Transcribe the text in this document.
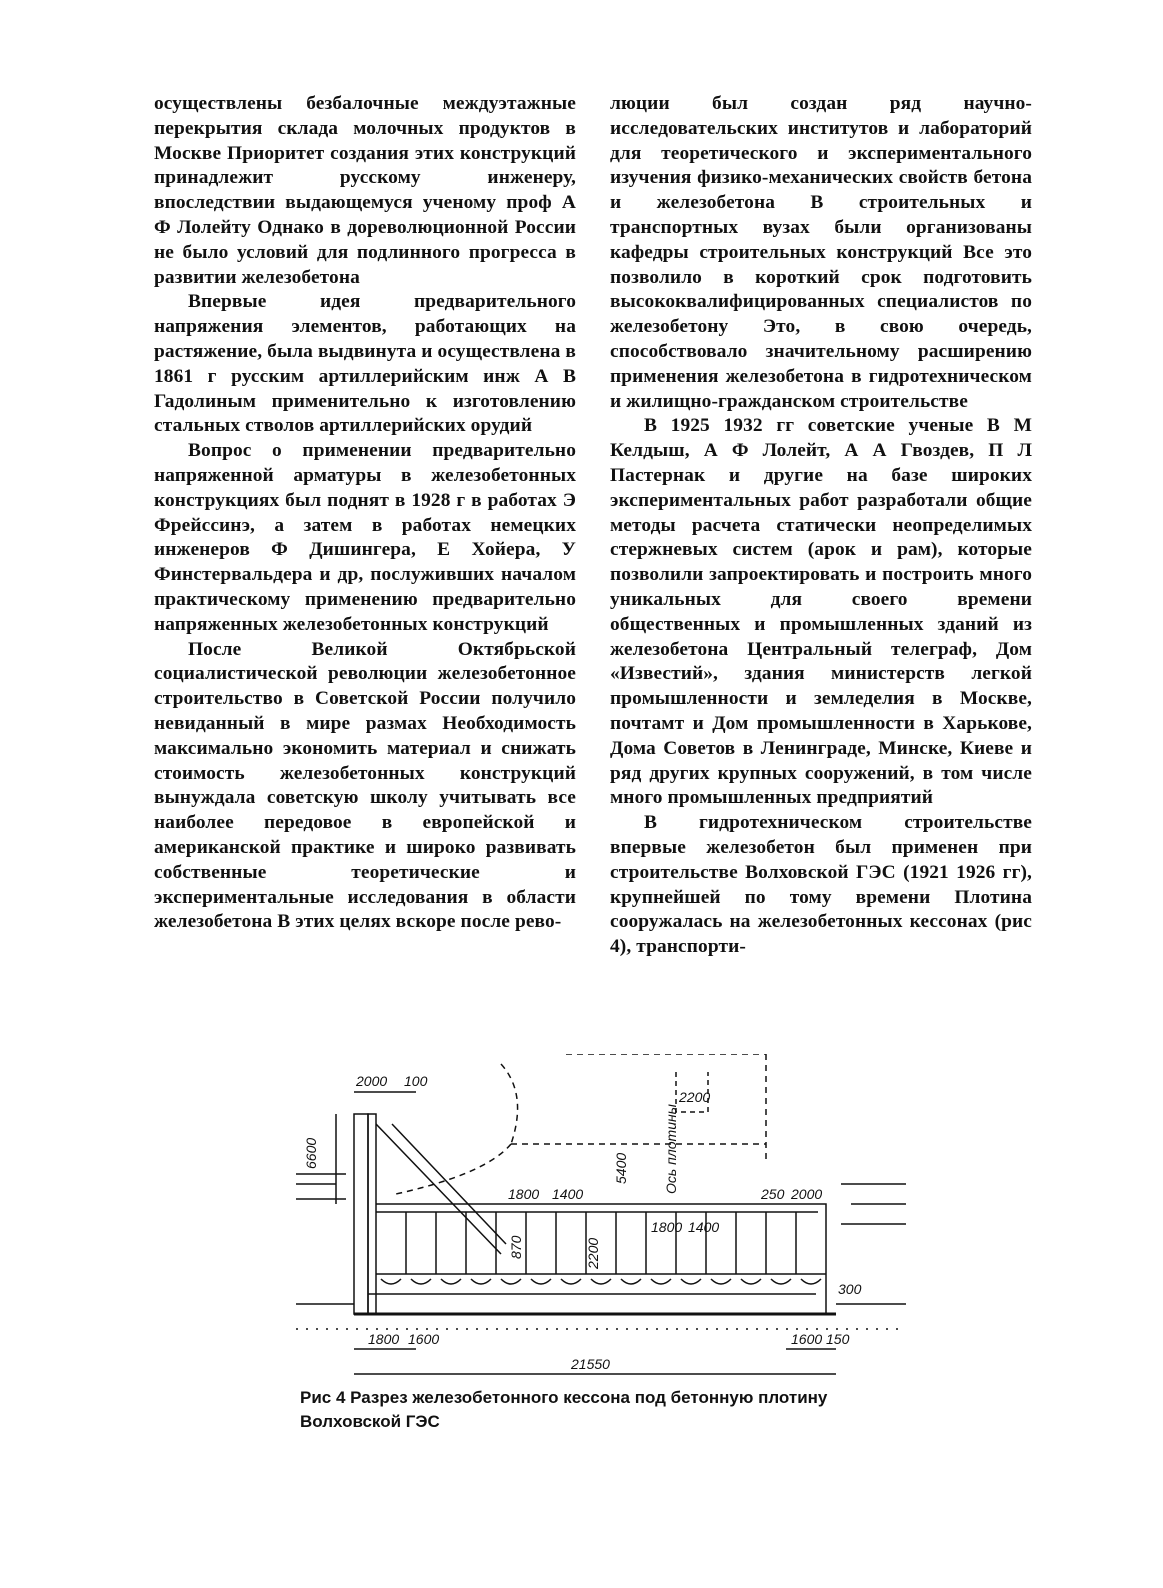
осуществлены безбалочные междуэтажные перекрытия склада молочных продуктов в Москве Приоритет создания этих конструкций принадлежит русскому инженеру, впоследствии выдающемуся ученому проф А Ф Лолейту Однако в дореволюционной России не было условий для подлинного прогресса в развитии железобетона

Впервые идея предварительного напряжения элементов, работающих на растяжение, была выдвинута и осуществлена в 1861 г русским артиллерийским инж А В Гадолиным применительно к изготовлению стальных стволов артиллерийских орудий

Вопрос о применении предварительно напряженной арматуры в железобетонных конструкциях был поднят в 1928 г в работах Э Фрейссинэ, а затем в работах немецких инженеров Ф Дишингера, Е Хойера, У Финстервальдера и др, послуживших началом практическому применению предварительно напряженных железобетонных конструкций

После Великой Октябрьской социалистической революции железобетонное строительство в Советской России получило невиданный в мире размах Необходимость максимально экономить материал и снижать стоимость железобетонных конструкций вынуждала советскую школу учитывать все наиболее передовое в европейской и американской практике и широко развивать собственные теоретические и экспериментальные исследования в области железобетона В этих целях вскоре после рево-

люции был создан ряд научно-исследовательских институтов и лабораторий для теоретического и экспериментального изучения физико-механических свойств бетона и железобетона В строительных и транспортных вузах были организованы кафедры строительных конструкций Все это позволило в короткий срок подготовить высококвалифицированных специалистов по железобетону Это, в свою очередь, способствовало значительному расширению применения железобетона в гидротехническом и жилищно-гражданском строительстве

В 1925 1932 гг советские ученые В М Келдыш, А Ф Лолейт, А А Гвоздев, П Л Пастернак и другие на базе широких экспериментальных работ разработали общие методы расчета статически неопределимых стержневых систем (арок и рам), которые позволили запроектировать и построить много уникальных для своего времени общественных и промышленных зданий из железобетона Центральный телеграф, Дом «Известий», здания министерств легкой промышленности и земледелия в Москве, почтамт и Дом промышленности в Харькове, Дома Советов в Ленинграде, Минске, Киеве и ряд других крупных сооружений, в том числе много промышленных предприятий

В гидротехническом строительстве впервые железобетон был применен при строительстве Волховской ГЭС (1921 1926 гг), крупнейшей по тому времени Плотина сооружалась на железобетонных кессонах (рис 4), транспорти-

2000 100
2200
6600	5400 Ось плотины
1800 1400	250 2000
870	2200
1800 1400
300
1800 1600	1600 150
21550
Рис 4 Разрез железобетонного кессона под бетонную плотину
Волховской ГЭС
